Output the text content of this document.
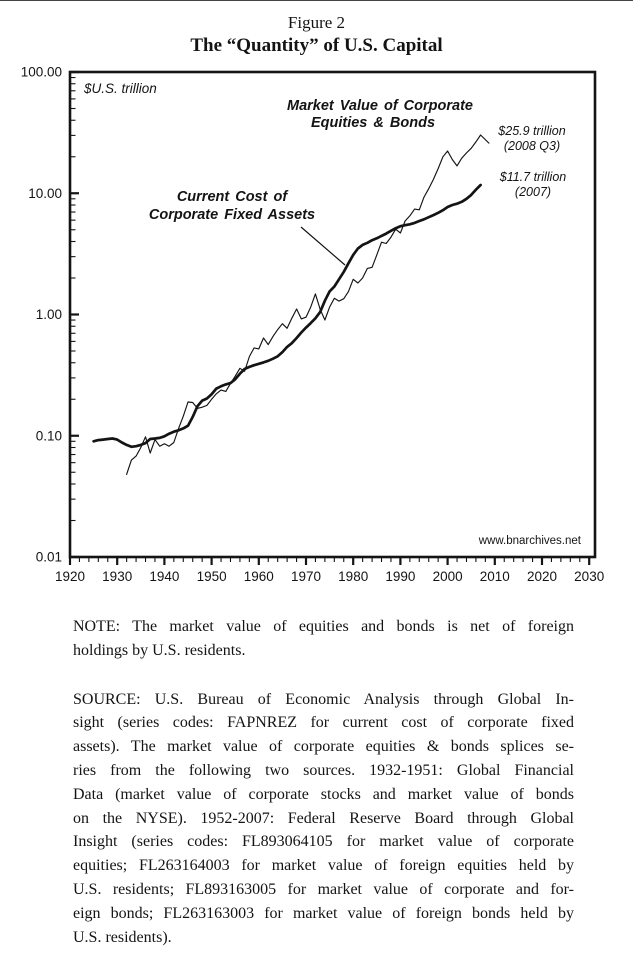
Figure 2
The “Quantity” of U.S. Capital
100.00
10.00
1.00
0.10
0.01
1920 1930 1940 1950 1960 1970 1980 1990 2000 2010 2020 2030
$U.S. trillion
Market Value of Corporate
Equities & Bonds	$25.9 trillion
(2008 Q3)
$11.7 trillion
(2007)
Current Cost of
Corporate Fixed Assets
www.bnarchives.net
NOTE: The market value of equities and bonds is net of foreign
holdings by U.S. residents.
SOURCE: U.S. Bureau of Economic Analysis through Global In-
sight (series codes: FAPNREZ for current cost of corporate fixed
assets). The market value of corporate equities & bonds splices se-
ries from the following two sources. 1932-1951: Global Financial
Data (market value of corporate stocks and market value of bonds
on the NYSE). 1952-2007: Federal Reserve Board through Global
Insight (series codes: FL893064105 for market value of corporate
equities; FL263164003 for market value of foreign equities held by
U.S. residents; FL893163005 for market value of corporate and for-
eign bonds; FL263163003 for market value of foreign bonds held by
U.S. residents).
